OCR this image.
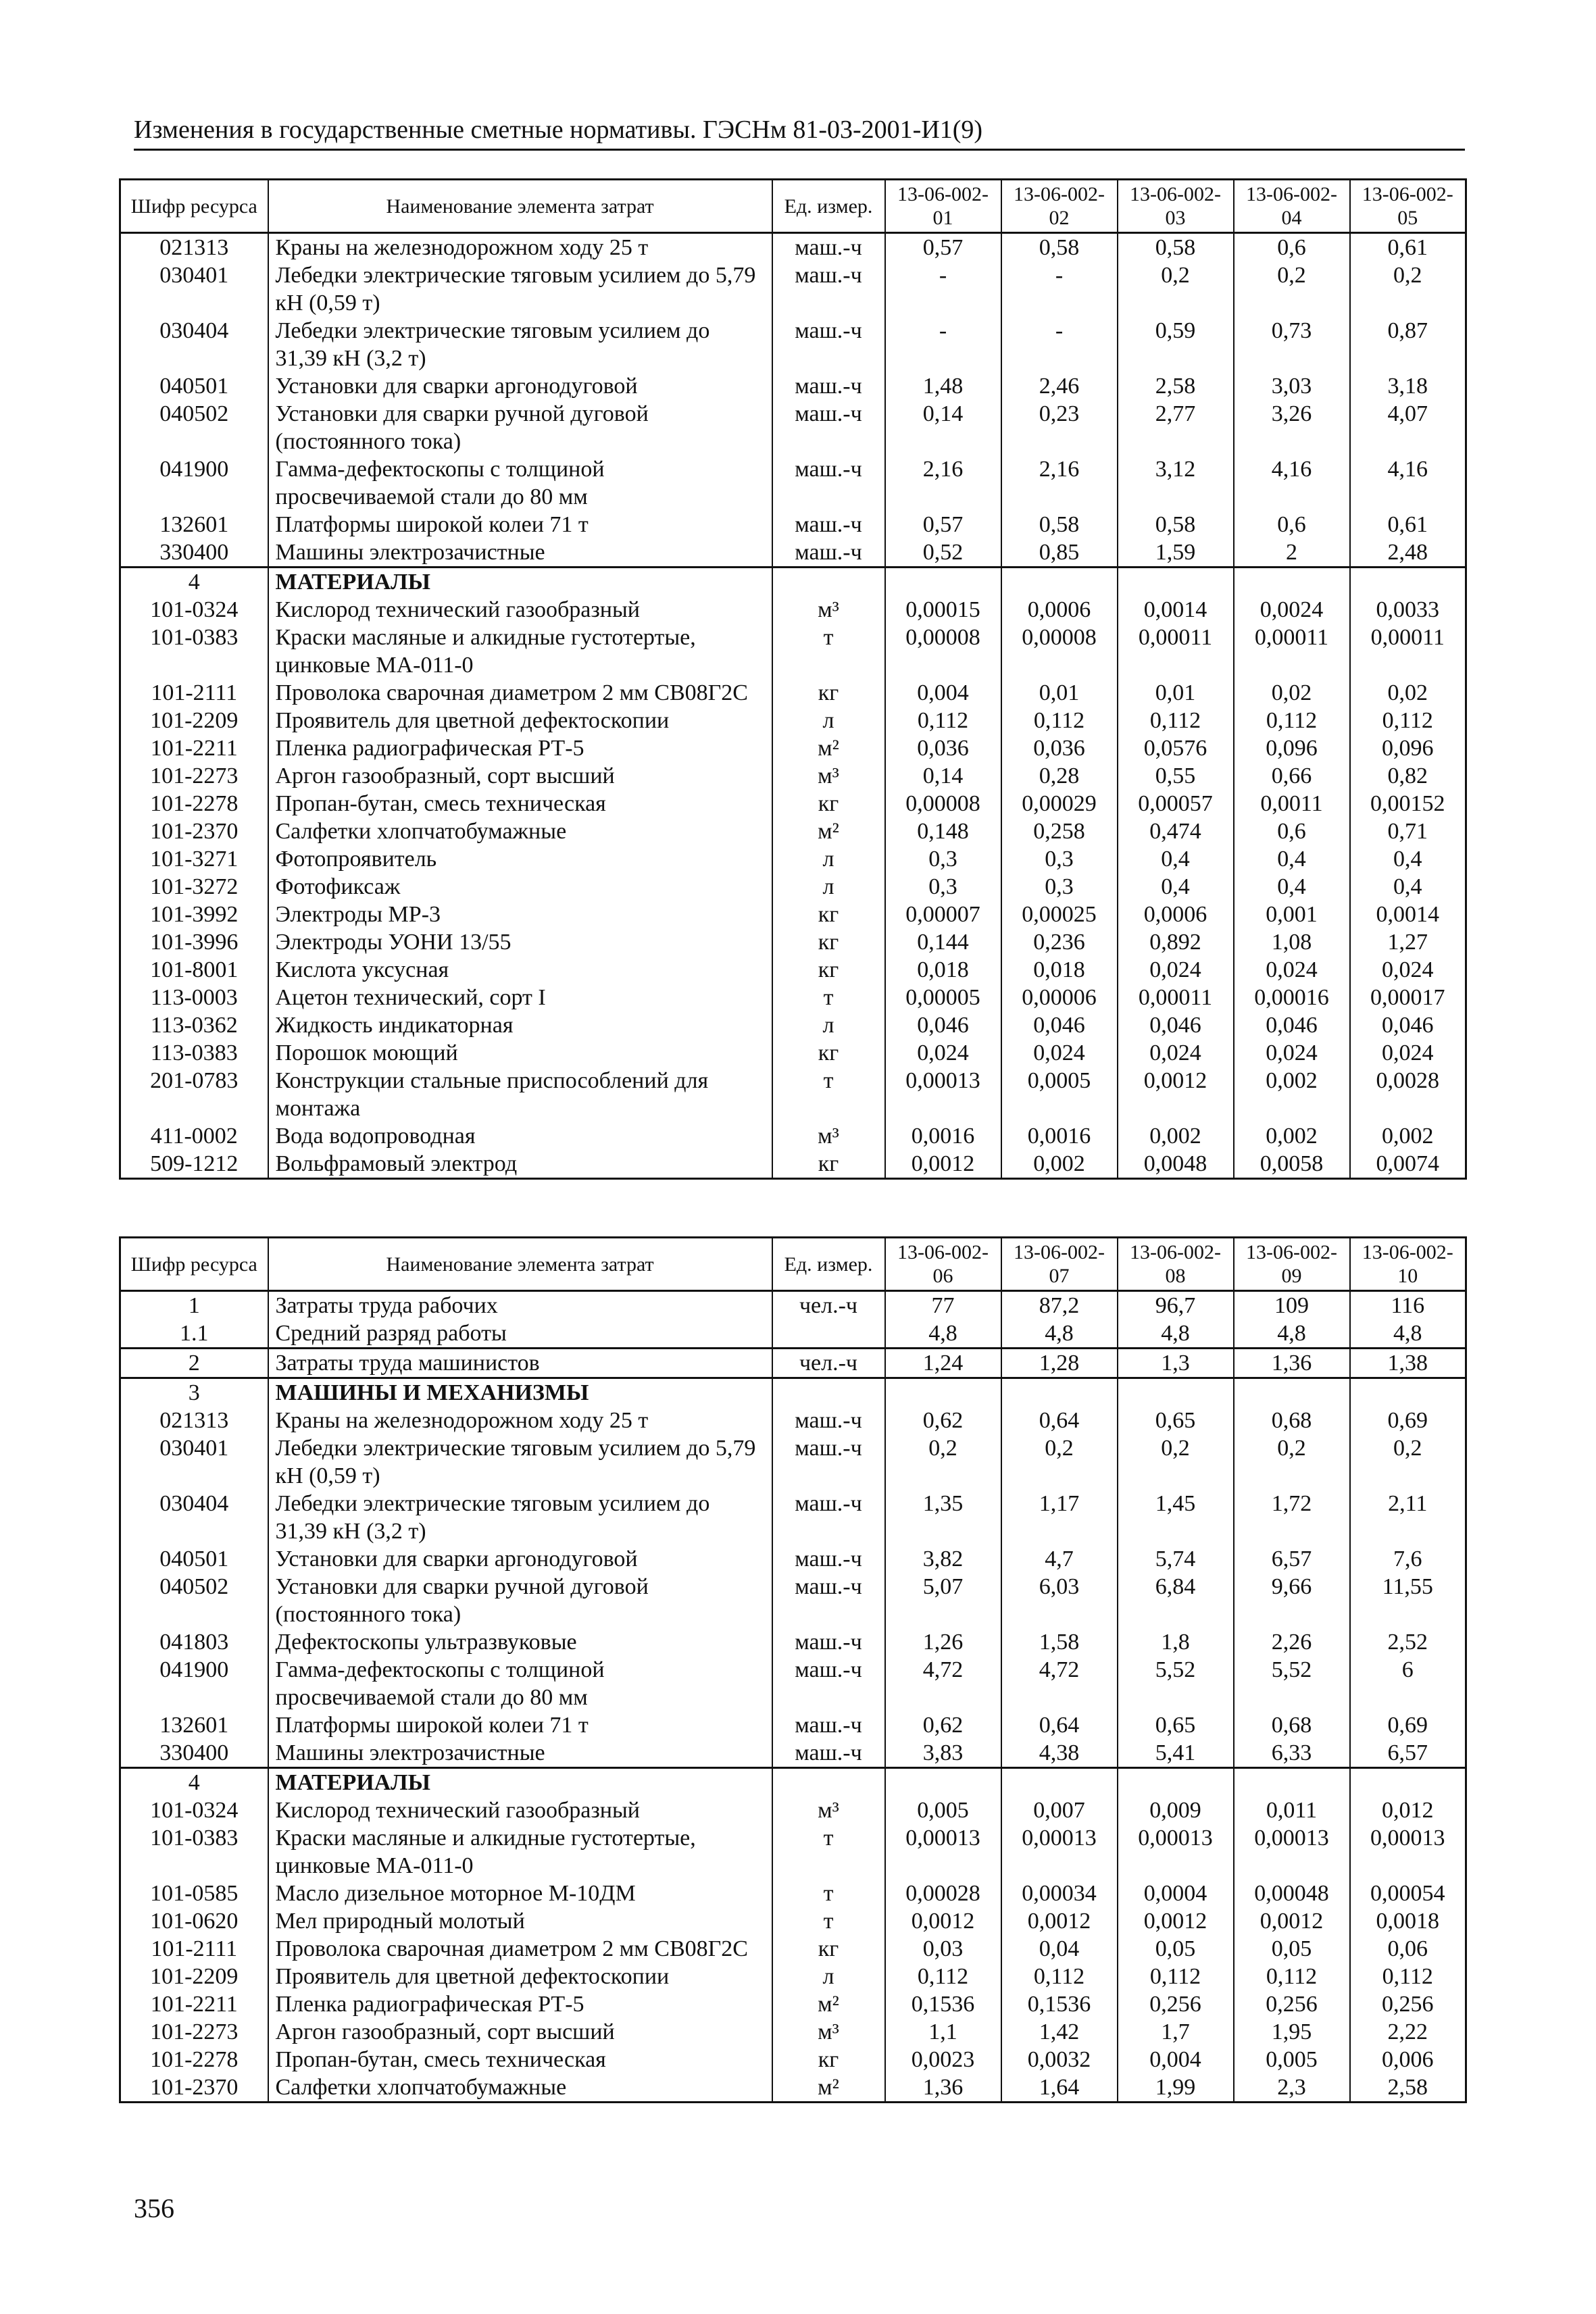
Изменения в государственные сметные нормативы. ГЭСНм 81-03-2001-И1(9)
Шифр ресурса	Наименование элемента затрат	Ед. измер.	13-06-002-01	13-06-002-02	13-06-002-03	13-06-002-04	13-06-002-05
021313	Краны на железнодорожном ходу 25 т	маш.-ч	0,57	0,58	0,58	0,6	0,61
030401	Лебедки электрические тяговым усилием до 5,79 кН (0,59 т)	маш.-ч	-	-	0,2	0,2	0,2
030404	Лебедки электрические тяговым усилием до 31,39 кН (3,2 т)	маш.-ч	-	-	0,59	0,73	0,87
040501	Установки для сварки аргонодуговой	маш.-ч	1,48	2,46	2,58	3,03	3,18
040502	Установки для сварки ручной дуговой (постоянного тока)	маш.-ч	0,14	0,23	2,77	3,26	4,07
041900	Гамма-дефектоскопы с толщиной просвечиваемой стали до 80 мм	маш.-ч	2,16	2,16	3,12	4,16	4,16
132601	Платформы широкой колеи 71 т	маш.-ч	0,57	0,58	0,58	0,6	0,61
330400	Машины электрозачистные	маш.-ч	0,52	0,85	1,59	2	2,48
4	МАТЕРИАЛЫ						
101-0324	Кислород технический газообразный	м³	0,00015	0,0006	0,0014	0,0024	0,0033
101-0383	Краски масляные и алкидные густотертые, цинковые МА-011-0	т	0,00008	0,00008	0,00011	0,00011	0,00011
101-2111	Проволока сварочная диаметром 2 мм СВ08Г2С	кг	0,004	0,01	0,01	0,02	0,02
101-2209	Проявитель для цветной дефектоскопии	л	0,112	0,112	0,112	0,112	0,112
101-2211	Пленка радиографическая РТ-5	м²	0,036	0,036	0,0576	0,096	0,096
101-2273	Аргон газообразный, сорт высший	м³	0,14	0,28	0,55	0,66	0,82
101-2278	Пропан-бутан, смесь техническая	кг	0,00008	0,00029	0,00057	0,0011	0,00152
101-2370	Салфетки хлопчатобумажные	м²	0,148	0,258	0,474	0,6	0,71
101-3271	Фотопроявитель	л	0,3	0,3	0,4	0,4	0,4
101-3272	Фотофиксаж	л	0,3	0,3	0,4	0,4	0,4
101-3992	Электроды МР-3	кг	0,00007	0,00025	0,0006	0,001	0,0014
101-3996	Электроды УОНИ 13/55	кг	0,144	0,236	0,892	1,08	1,27
101-8001	Кислота уксусная	кг	0,018	0,018	0,024	0,024	0,024
113-0003	Ацетон технический, сорт I	т	0,00005	0,00006	0,00011	0,00016	0,00017
113-0362	Жидкость индикаторная	л	0,046	0,046	0,046	0,046	0,046
113-0383	Порошок моющий	кг	0,024	0,024	0,024	0,024	0,024
201-0783	Конструкции стальные приспособлений для монтажа	т	0,00013	0,0005	0,0012	0,002	0,0028
411-0002	Вода водопроводная	м³	0,0016	0,0016	0,002	0,002	0,002
509-1212	Вольфрамовый электрод	кг	0,0012	0,002	0,0048	0,0058	0,0074
Шифр ресурса	Наименование элемента затрат	Ед. измер.	13-06-002-06	13-06-002-07	13-06-002-08	13-06-002-09	13-06-002-10
1	Затраты труда рабочих	чел.-ч	77	87,2	96,7	109	116
1.1	Средний разряд работы		4,8	4,8	4,8	4,8	4,8
2	Затраты труда машинистов	чел.-ч	1,24	1,28	1,3	1,36	1,38
3	МАШИНЫ И МЕХАНИЗМЫ						
021313	Краны на железнодорожном ходу 25 т	маш.-ч	0,62	0,64	0,65	0,68	0,69
030401	Лебедки электрические тяговым усилием до 5,79 кН (0,59 т)	маш.-ч	0,2	0,2	0,2	0,2	0,2
030404	Лебедки электрические тяговым усилием до 31,39 кН (3,2 т)	маш.-ч	1,35	1,17	1,45	1,72	2,11
040501	Установки для сварки аргонодуговой	маш.-ч	3,82	4,7	5,74	6,57	7,6
040502	Установки для сварки ручной дуговой (постоянного тока)	маш.-ч	5,07	6,03	6,84	9,66	11,55
041803	Дефектоскопы ультразвуковые	маш.-ч	1,26	1,58	1,8	2,26	2,52
041900	Гамма-дефектоскопы с толщиной просвечиваемой стали до 80 мм	маш.-ч	4,72	4,72	5,52	5,52	6
132601	Платформы широкой колеи 71 т	маш.-ч	0,62	0,64	0,65	0,68	0,69
330400	Машины электрозачистные	маш.-ч	3,83	4,38	5,41	6,33	6,57
4	МАТЕРИАЛЫ						
101-0324	Кислород технический газообразный	м³	0,005	0,007	0,009	0,011	0,012
101-0383	Краски масляные и алкидные густотертые, цинковые МА-011-0	т	0,00013	0,00013	0,00013	0,00013	0,00013
101-0585	Масло дизельное моторное М-10ДМ	т	0,00028	0,00034	0,0004	0,00048	0,00054
101-0620	Мел природный молотый	т	0,0012	0,0012	0,0012	0,0012	0,0018
101-2111	Проволока сварочная диаметром 2 мм СВ08Г2С	кг	0,03	0,04	0,05	0,05	0,06
101-2209	Проявитель для цветной дефектоскопии	л	0,112	0,112	0,112	0,112	0,112
101-2211	Пленка радиографическая РТ-5	м²	0,1536	0,1536	0,256	0,256	0,256
101-2273	Аргон газообразный, сорт высший	м³	1,1	1,42	1,7	1,95	2,22
101-2278	Пропан-бутан, смесь техническая	кг	0,0023	0,0032	0,004	0,005	0,006
101-2370	Салфетки хлопчатобумажные	м²	1,36	1,64	1,99	2,3	2,58
356
